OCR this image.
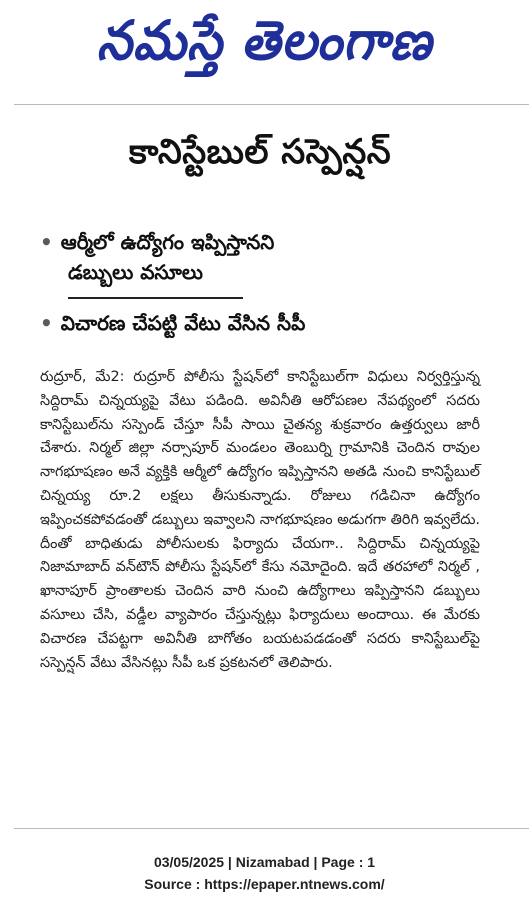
నమస్తే తెలంగాణ
కానిస్టేబుల్ సస్పెన్షన్
• ఆర్మీలో ఉద్యోగం ఇప్పిస్తానని
డబ్బులు వసూలు
• విచారణ చేపట్టి వేటు వేసిన సీపీ
రుద్రూర్, మే2: రుద్రూర్ పోలీసు స్టేషన్‌లో కానిస్టేబుల్‌గా విధులు నిర్వర్తిస్తున్న సిద్దిరామ్ చిన్నయ్యపై వేటు పడింది. అవినీతి ఆరోపణల నేపథ్యంలో సదరు కానిస్టేబుల్‌ను సస్పెండ్ చేస్తూ సీపీ సాయి చైతన్య శుక్రవారం ఉత్తర్వులు జారీ చేశారు. నిర్మల్ జిల్లా నర్సాపూర్ మండలం తెంబుర్ని గ్రామానికి చెందిన రావుల నాగభూషణం అనే వ్యక్తికి ఆర్మీలో ఉద్యోగం ఇప్పిస్తానని అతడి నుంచి కానిస్టేబుల్ చిన్నయ్య రూ.2 లక్షలు తీసుకున్నాడు. రోజులు గడిచినా ఉద్యోగం ఇప్పించకపోవడంతో డబ్బులు ఇవ్వాలని నాగభూషణం అడుగగా తిరిగి ఇవ్వలేదు. దీంతో బాధితుడు పోలీసులకు ఫిర్యాదు చేయగా.. సిద్దిరామ్ చిన్నయ్యపై నిజామాబాద్ వన్‌టౌన్ పోలీసు స్టేషన్‌లో కేసు నమోదైంది. ఇదే తరహాలో నిర్మల్ , ఖానాపూర్ ప్రాంతాలకు చెందిన వారి నుంచి ఉద్యోగాలు ఇప్పిస్తానని డబ్బులు వసూలు చేసి, వడ్డీల వ్యాపారం చేస్తున్నట్లు ఫిర్యాదులు అందాయి. ఈ మేరకు విచారణ చేపట్టగా అవినీతి బాగోతం బయటపడడంతో సదరు కానిస్టేబుల్‌పై సస్పెన్షన్ వేటు వేసినట్లు సీపీ ఒక ప్రకటనలో తెలిపారు.
03/05/2025 | Nizamabad | Page : 1
Source : https://epaper.ntnews.com/
